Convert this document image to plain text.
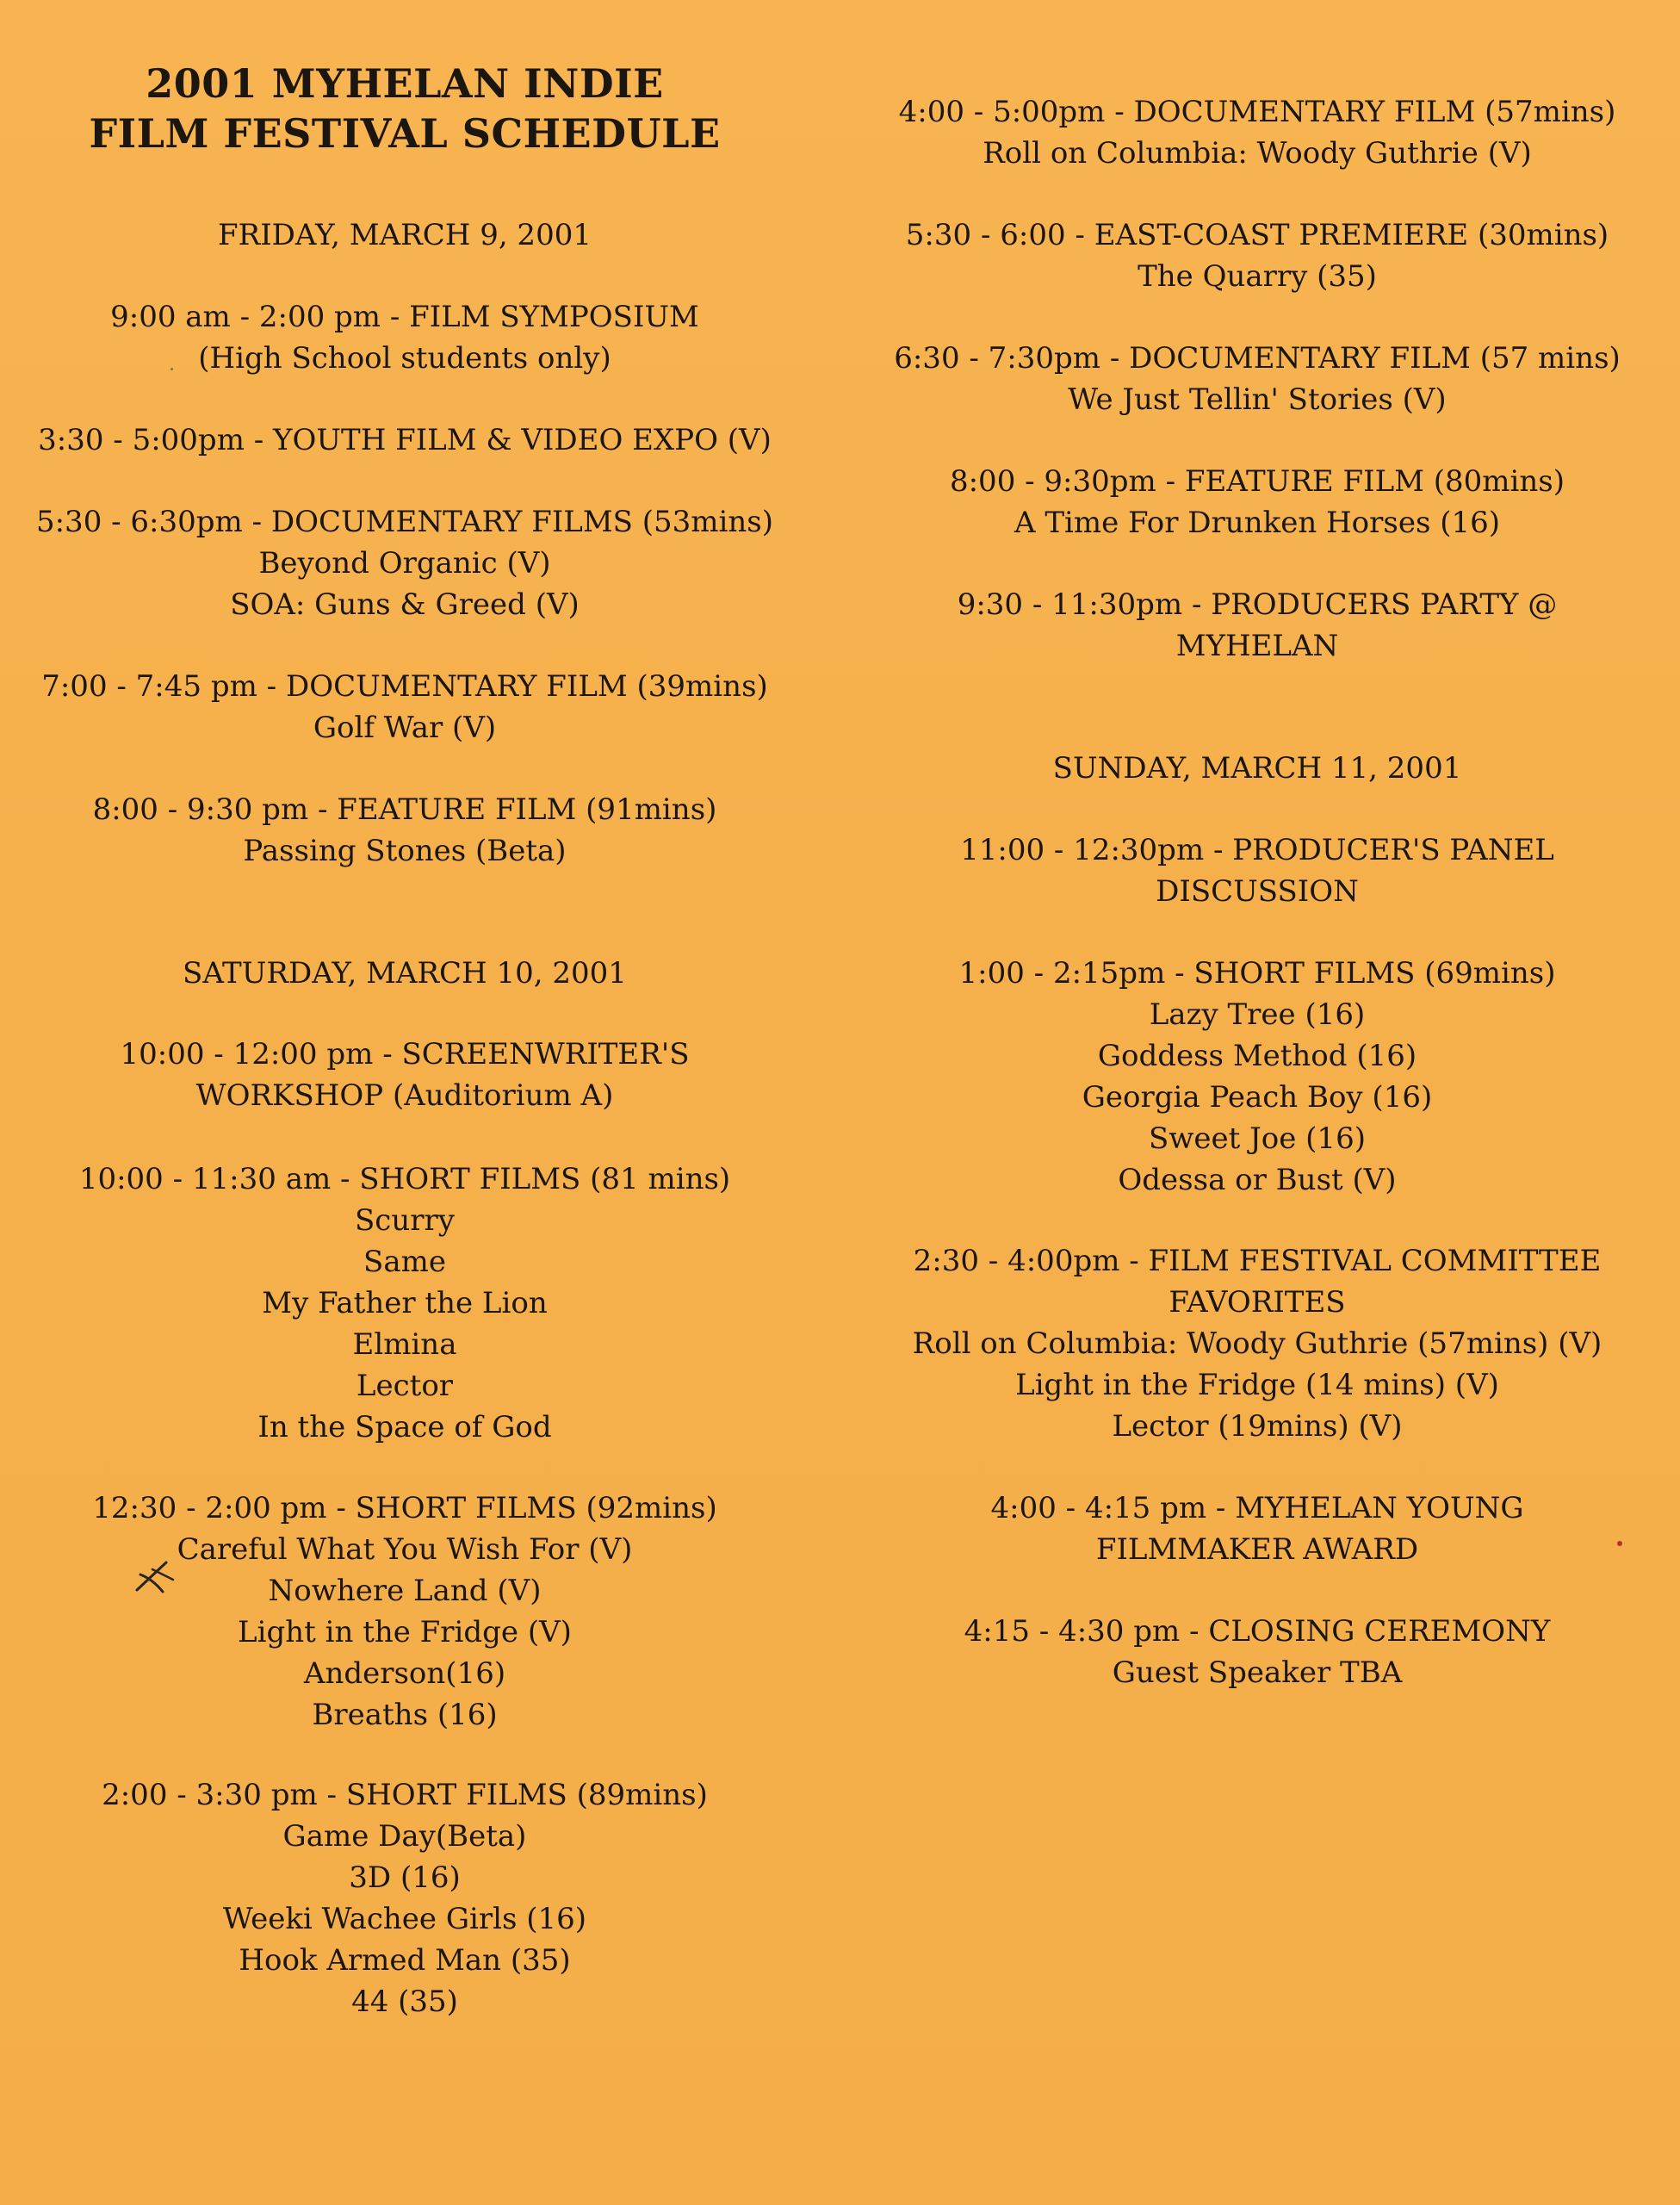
2001 MYHELAN INDIE
FILM FESTIVAL SCHEDULE
FRIDAY, MARCH 9, 2001
9:00 am - 2:00 pm - FILM SYMPOSIUM
(High School students only)
3:30 - 5:00pm - YOUTH FILM & VIDEO EXPO (V)
5:30 - 6:30pm - DOCUMENTARY FILMS (53mins)
Beyond Organic (V)
SOA: Guns & Greed (V)
7:00 - 7:45 pm - DOCUMENTARY FILM (39mins)
Golf War (V)
8:00 - 9:30 pm - FEATURE FILM (91mins)
Passing Stones (Beta)
SATURDAY, MARCH 10, 2001
10:00 - 12:00 pm - SCREENWRITER'S
WORKSHOP (Auditorium A)
10:00 - 11:30 am - SHORT FILMS (81 mins)
Scurry
Same
My Father the Lion
Elmina
Lector
In the Space of God
12:30 - 2:00 pm - SHORT FILMS (92mins)
Careful What You Wish For (V)
Nowhere Land (V)
Light in the Fridge (V)
Anderson(16)
Breaths (16)
2:00 - 3:30 pm - SHORT FILMS (89mins)
Game Day(Beta)
3D (16)
Weeki Wachee Girls (16)
Hook Armed Man (35)
44 (35)
4:00 - 5:00pm - DOCUMENTARY FILM (57mins)
Roll on Columbia: Woody Guthrie (V)
5:30 - 6:00 - EAST-COAST PREMIERE (30mins)
The Quarry (35)
6:30 - 7:30pm - DOCUMENTARY FILM (57 mins)
We Just Tellin' Stories (V)
8:00 - 9:30pm - FEATURE FILM (80mins)
A Time For Drunken Horses (16)
9:30 - 11:30pm - PRODUCERS PARTY @
MYHELAN
SUNDAY, MARCH 11, 2001
11:00 - 12:30pm - PRODUCER'S PANEL
DISCUSSION
1:00 - 2:15pm - SHORT FILMS (69mins)
Lazy Tree (16)
Goddess Method (16)
Georgia Peach Boy (16)
Sweet Joe (16)
Odessa or Bust (V)
2:30 - 4:00pm - FILM FESTIVAL COMMITTEE
FAVORITES
Roll on Columbia: Woody Guthrie (57mins) (V)
Light in the Fridge (14 mins) (V)
Lector (19mins) (V)
4:00 - 4:15 pm - MYHELAN YOUNG
FILMMAKER AWARD
4:15 - 4:30 pm - CLOSING CEREMONY
Guest Speaker TBA
